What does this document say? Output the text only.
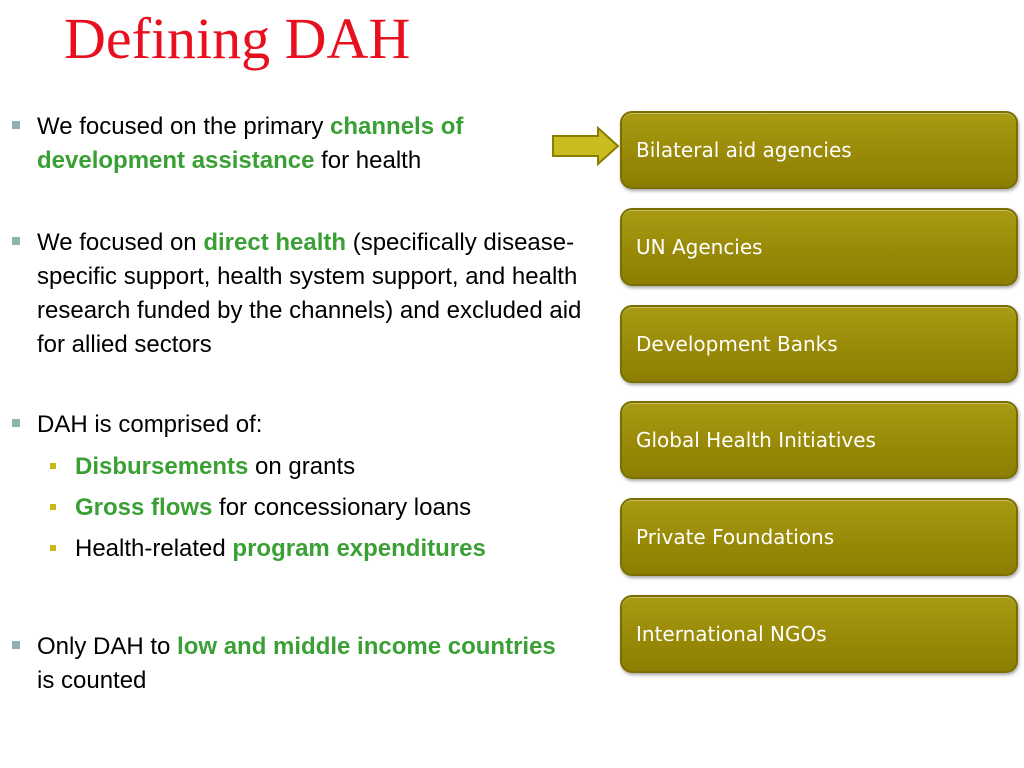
Defining DAH
We focused on the primary channels of development assistance for health
We focused on direct health (specifically disease-specific support, health system support, and health research funded by the channels) and excluded aid for allied sectors
DAH is comprised of:
Disbursements on grants
Gross flows for concessionary loans
Health-related program expenditures
Only DAH to low and middle income countries is counted
Bilateral aid agencies
UN Agencies
Development Banks
Global Health Initiatives
Private Foundations
International NGOs
